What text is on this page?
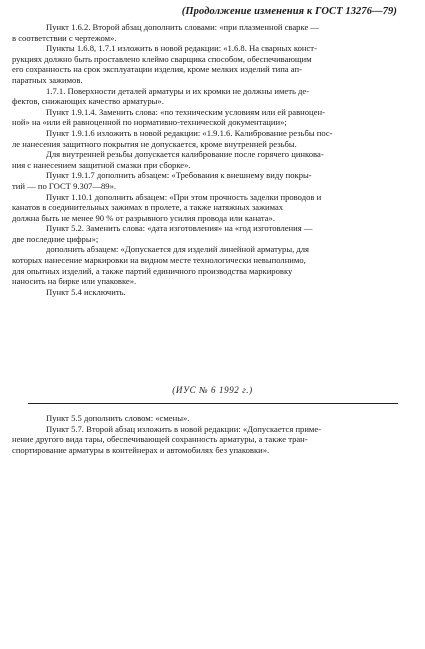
(Продолжение изменения к ГОСТ 13276—79)

Пункт 1.6.2. Второй абзац дополнить словами: «при плазменной сварке —
в соответствии с чертежом».

Пункты 1.6.8, 1.7.1 изложить в новой редакции: «1.6.8. На сварных конст-
рукциях должно быть проставлено клеймо сварщика способом, обеспечивающим
его сохранность на срок эксплуатации изделия, кроме мелких изделий типа ап-
паратных зажимов.

1.7.1. Поверхности деталей арматуры и их кромки не должны иметь де-
фектов, снижающих качество арматуры».

Пункт 1.9.1.4. Заменить слова: «по техническим условиям или ей равноцен-
ной» на «или ей равноценной по нормативно-технической документации»;
Пункт 1.9.1.6 изложить в новой редакции: «1.9.1.6. Калибрование резьбы пос-
ле нанесения защитного покрытия не допускается, кроме внутренней резьбы.

Для внутренней резьбы допускается калибрование после горячего цинкова-
ния с нанесением защитной смазки при сборке».

Пункт 1.9.1.7 дополнить абзацем: «Требования к внешнему виду покры-
тий — по ГОСТ 9.307—89».

Пункт 1.10.1 дополнить абзацем: «При этом прочность заделки проводов и
канатов в соединительных зажимах в пролете, а также натяжных зажимах
должна быть не менее 90 % от разрывного усилия провода или каната».

Пункт 5.2. Заменить слова: «дата изготовления» на «год изготовления —
две последние цифры»;

дополнить абзацем: «Допускается для изделий линейной арматуры, для
которых нанесение маркировки на видном месте технологически невыполнимо,
для опытных изделий, а также партий единичного производства маркировку
наносить на бирке или упаковке».

Пункт 5.4 исключить.

(ИУС № 6 1992 г.)

Пункт 5.5 дополнить словом: «смены».

Пункт 5.7. Второй абзац изложить в новой редакции: «Допускается приме-
нение другого вида тары, обеспечивающей сохранность арматуры, а также тран-
спортирование арматуры в контейнерах и автомобилях без упаковки».
